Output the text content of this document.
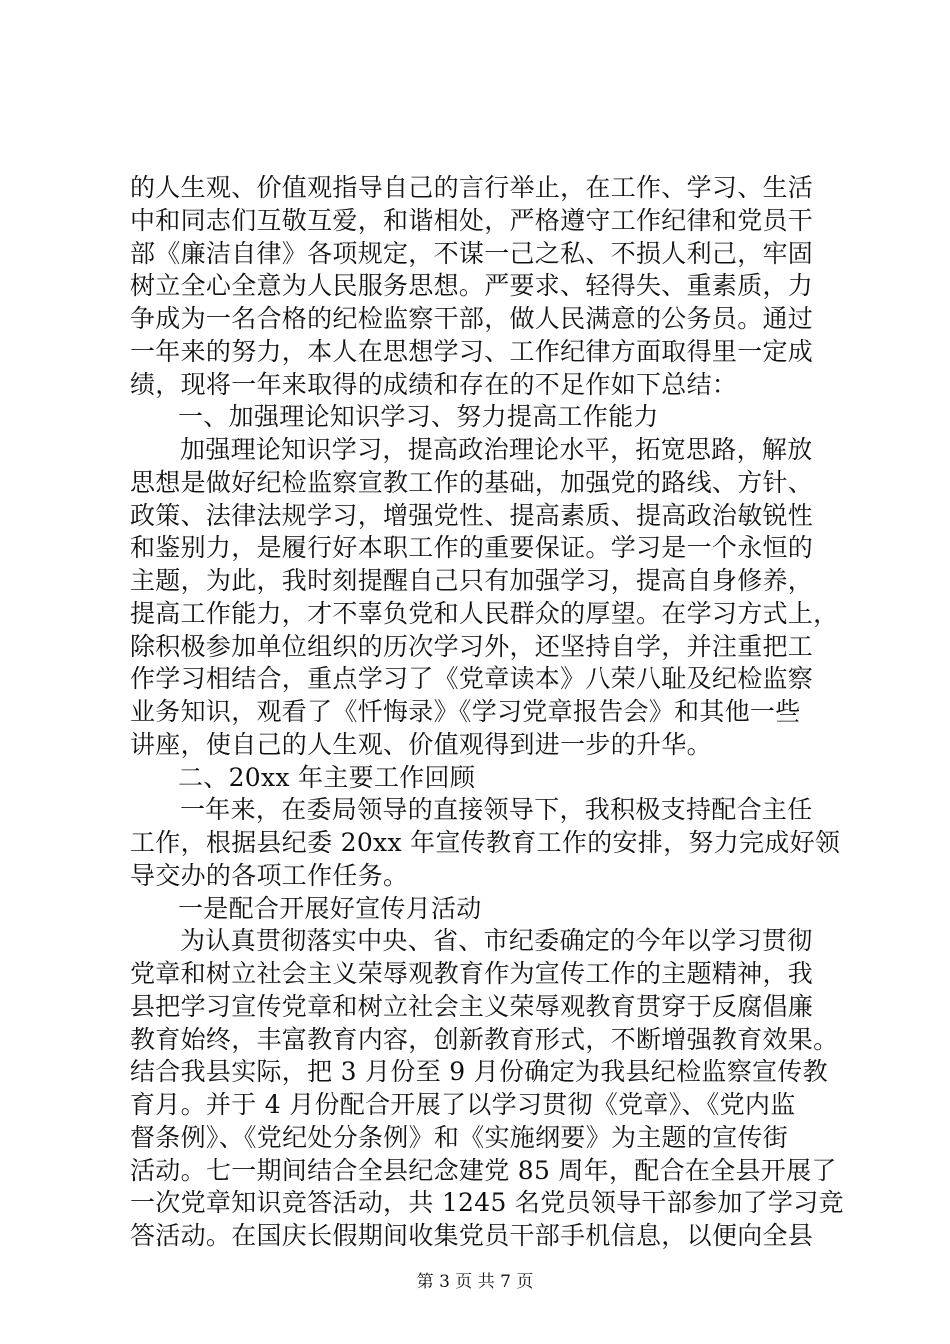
的人生观、价值观指导自己的言行举止，在工作、学习、生活
中和同志们互敬互爱，和谐相处，严格遵守工作纪律和党员干
部《廉洁自律》各项规定，不谋一己之私、不损人利己，牢固
树立全心全意为人民服务思想。严要求、轻得失、重素质，力
争成为一名合格的纪检监察干部，做人民满意的公务员。通过
一年来的努力，本人在思想学习、工作纪律方面取得里一定成
绩，现将一年来取得的成绩和存在的不足作如下总结：
一、加强理论知识学习、努力提高工作能力
加强理论知识学习，提高政治理论水平，拓宽思路，解放
思想是做好纪检监察宣教工作的基础，加强党的路线、方针、
政策、法律法规学习，增强党性、提高素质、提高政治敏锐性
和鉴别力，是履行好本职工作的重要保证。学习是一个永恒的
主题，为此，我时刻提醒自己只有加强学习，提高自身修养，
提高工作能力，才不辜负党和人民群众的厚望。在学习方式上，
除积极参加单位组织的历次学习外，还坚持自学，并注重把工
作学习相结合，重点学习了《党章读本》八荣八耻及纪检监察
业务知识，观看了《忏悔录》《学习党章报告会》和其他一些
讲座，使自己的人生观、价值观得到进一步的升华。
二、20xx 年主要工作回顾
一年来，在委局领导的直接领导下，我积极支持配合主任
工作，根据县纪委 20xx 年宣传教育工作的安排，努力完成好领
导交办的各项工作任务。
一是配合开展好宣传月活动
为认真贯彻落实中央、省、市纪委确定的今年以学习贯彻
党章和树立社会主义荣辱观教育作为宣传工作的主题精神，我
县把学习宣传党章和树立社会主义荣辱观教育贯穿于反腐倡廉
教育始终，丰富教育内容，创新教育形式，不断增强教育效果。
结合我县实际，把 3 月份至 9 月份确定为我县纪检监察宣传教
育月。并于 4 月份配合开展了以学习贯彻《党章》、《党内监
督条例》、《党纪处分条例》和《实施纲要》为主题的宣传街
活动。七一期间结合全县纪念建党 85 周年，配合在全县开展了
一次党章知识竞答活动，共 1245 名党员领导干部参加了学习竞
答活动。在国庆长假期间收集党员干部手机信息，以便向全县
第 3 页 共 7 页
